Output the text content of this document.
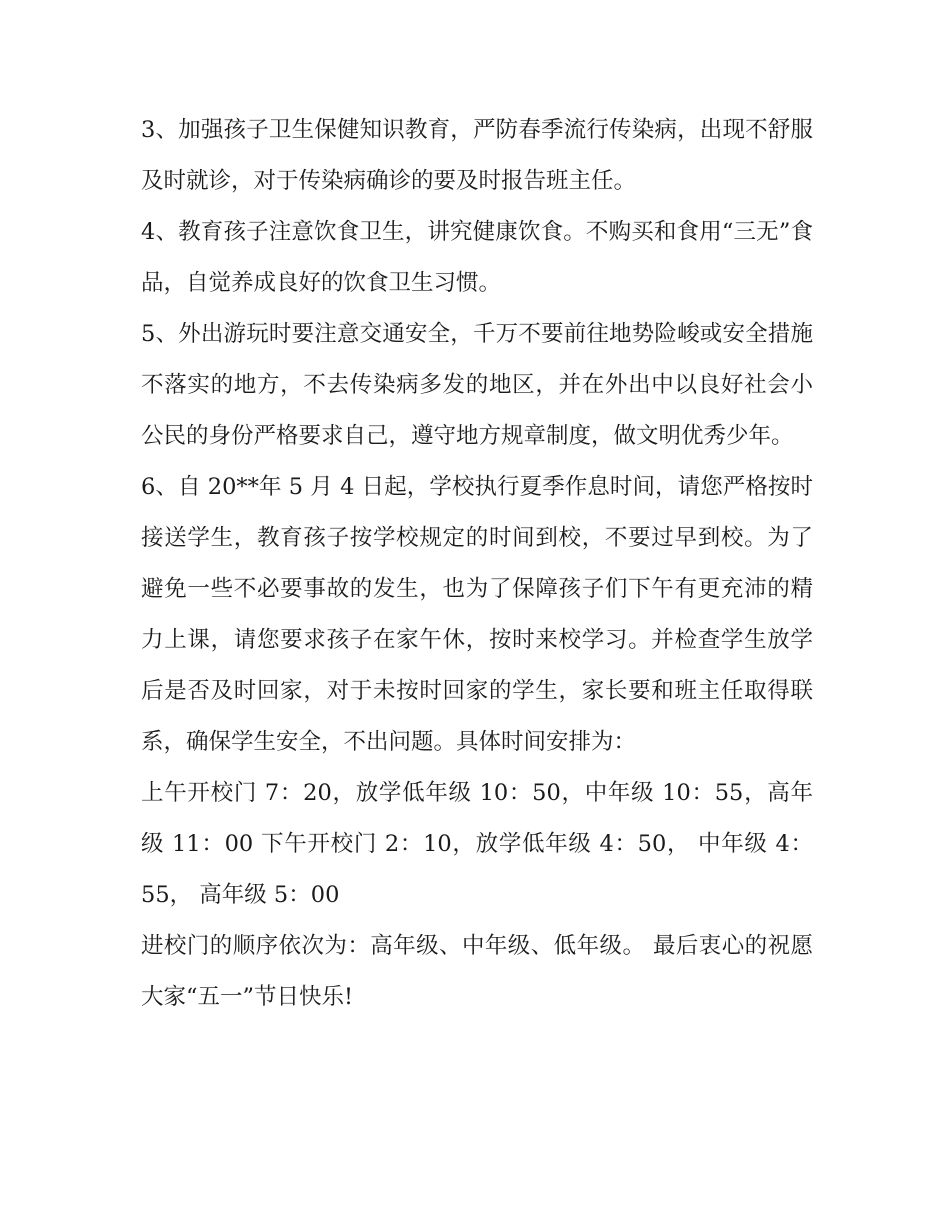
3、加强孩子卫生保健知识教育，严防春季流行传染病，出现不舒服及时就诊，对于传染病确诊的要及时报告班主任。

4、教育孩子注意饮食卫生，讲究健康饮食。不购买和食用“三无”食品，自觉养成良好的饮食卫生习惯。

5、外出游玩时要注意交通安全，千万不要前往地势险峻或安全措施不落实的地方，不去传染病多发的地区，并在外出中以良好社会小公民的身份严格要求自己，遵守地方规章制度，做文明优秀少年。

6、自 20**年 5 月 4 日起，学校执行夏季作息时间，请您严格按时接送学生，教育孩子按学校规定的时间到校，不要过早到校。为了避免一些不必要事故的发生，也为了保障孩子们下午有更充沛的精力上课，请您要求孩子在家午休，按时来校学习。并检查学生放学后是否及时回家，对于未按时回家的学生，家长要和班主任取得联系，确保学生安全，不出问题。具体时间安排为：

上午开校门 7：20，放学低年级 10：50，中年级 10：55，高年级 11：00 下午开校门 2：10，放学低年级 4：50， 中年级 4：55， 高年级 5：00

进校门的顺序依次为：高年级、中年级、低年级。 最后衷心的祝愿大家“五一”节日快乐!
